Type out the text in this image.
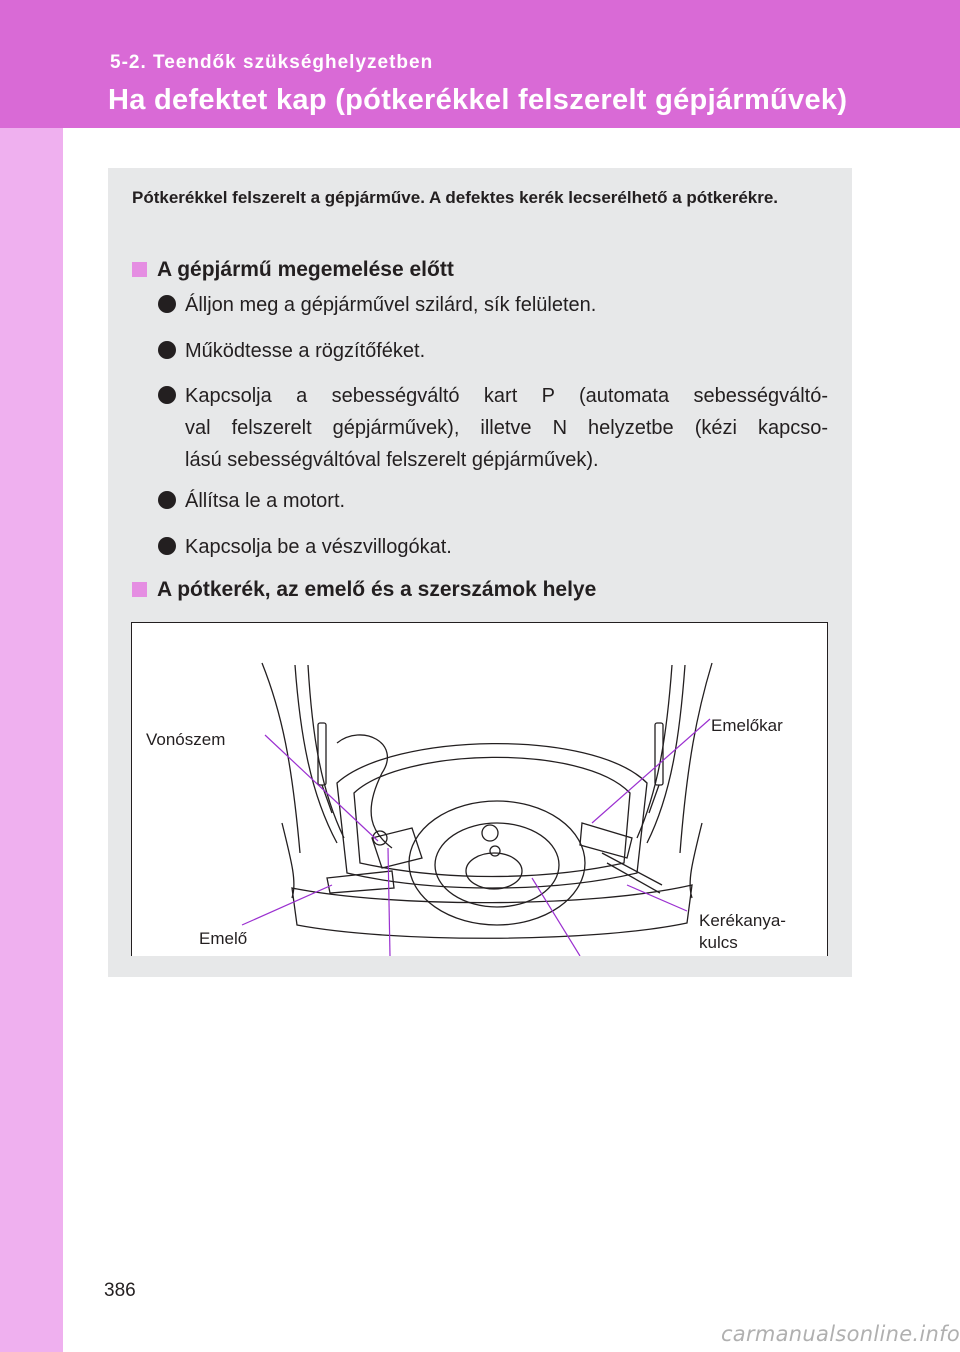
5-2. Teendők szükséghelyzetben
Ha defektet kap (pótkerékkel felszerelt gépjárművek)
Pótkerékkel felszerelt a gépjárműve. A defektes kerék lecserélhető a pótkerékre.
A gépjármű megemelése előtt
Álljon meg a gépjárművel szilárd, sík felületen.
Működtesse a rögzítőféket.
Kapcsolja a sebességváltó kart P (automata sebességváltó-
val felszerelt gépjárművek), illetve N helyzetbe (kézi kapcso-
lású sebességváltóval felszerelt gépjárművek).
Állítsa le a motort.
Kapcsolja be a vészvillogókat.
A pótkerék, az emelő és a szerszámok helye
Vonószem
Emelőkar
Emelő
Kerékanya-
kulcs
386
carmanualsonline.info
